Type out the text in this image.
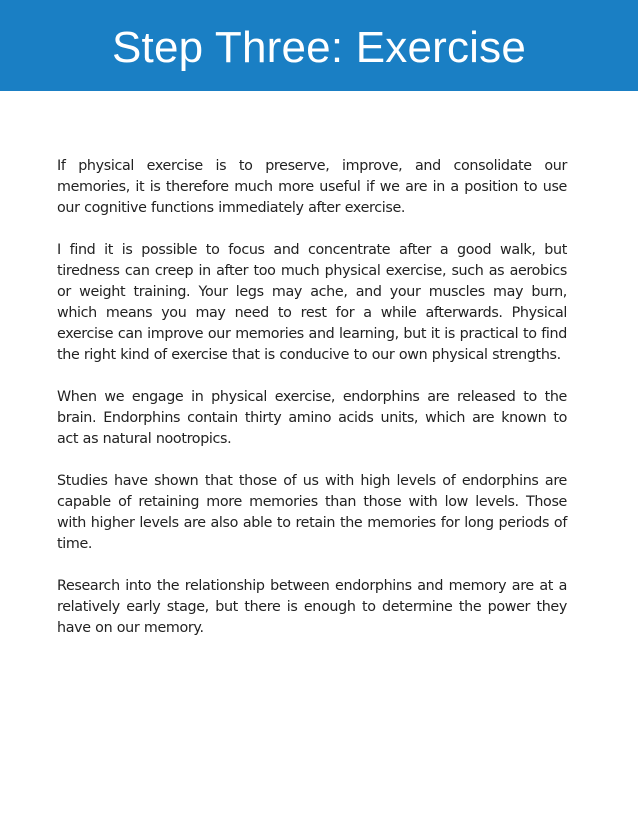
Step Three: Exercise

If physical exercise is to preserve, improve, and consolidate our memories, it is therefore much more useful if we are in a position to use our cognitive functions immediately after exercise.

I find it is possible to focus and concentrate after a good walk, but tiredness can creep in after too much physical exercise, such as aerobics or weight training. Your legs may ache, and your muscles may burn, which means you may need to rest for a while afterwards. Physical exercise can improve our memories and learning, but it is practical to find the right kind of exercise that is conducive to our own physical strengths.

When we engage in physical exercise, endorphins are released to the brain. Endorphins contain thirty amino acids units, which are known to act as natural nootropics.

Studies have shown that those of us with high levels of endorphins are capable of retaining more memories than those with low levels. Those with higher levels are also able to retain the memories for long periods of time.

Research into the relationship between endorphins and memory are at a relatively early stage, but there is enough to determine the power they have on our memory.
